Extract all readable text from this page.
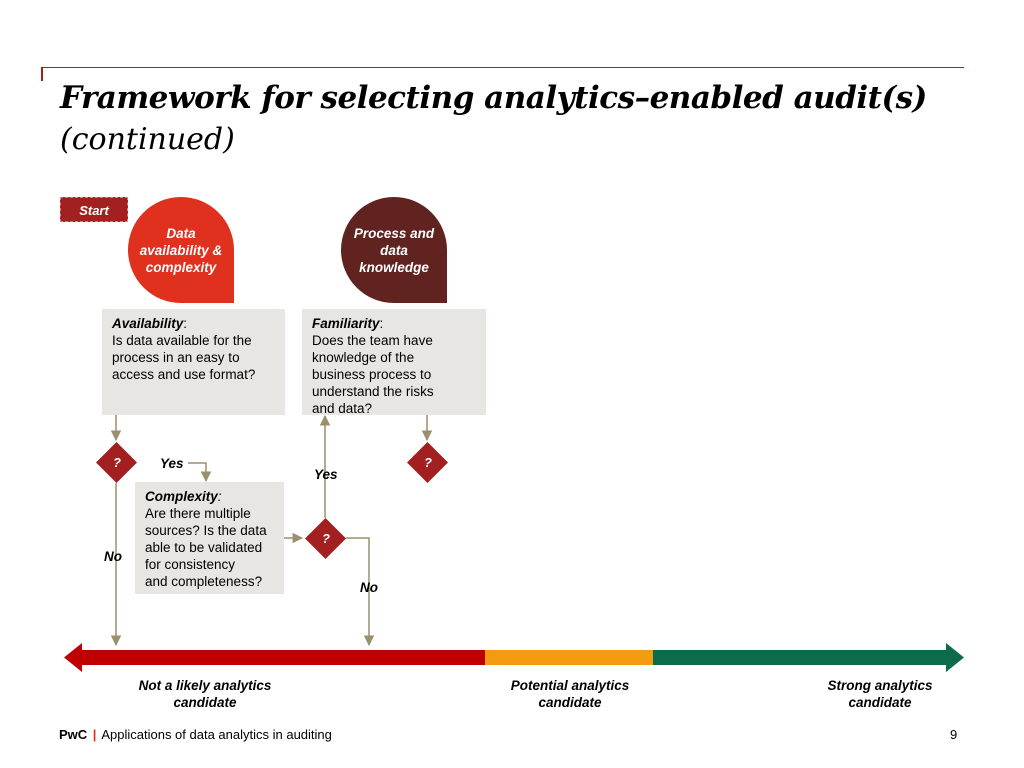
Framework for selecting analytics–enabled audit(s)
(continued)
Start
Data availability & complexity
Process and data knowledge
Availability:
Is data available for the
process in an easy to
access and use format?
Familiarity:
Does the team have
knowledge of the
business process to
understand the risks
and data?
Complexity:
Are there multiple
sources? Is the data
able to be validated
for consistency
and completeness?
?
?
?
Yes
No
Yes
No
Not a likely analytics candidate
Potential analytics candidate
Strong analytics candidate
PwC | Applications of data analytics in auditing	9
